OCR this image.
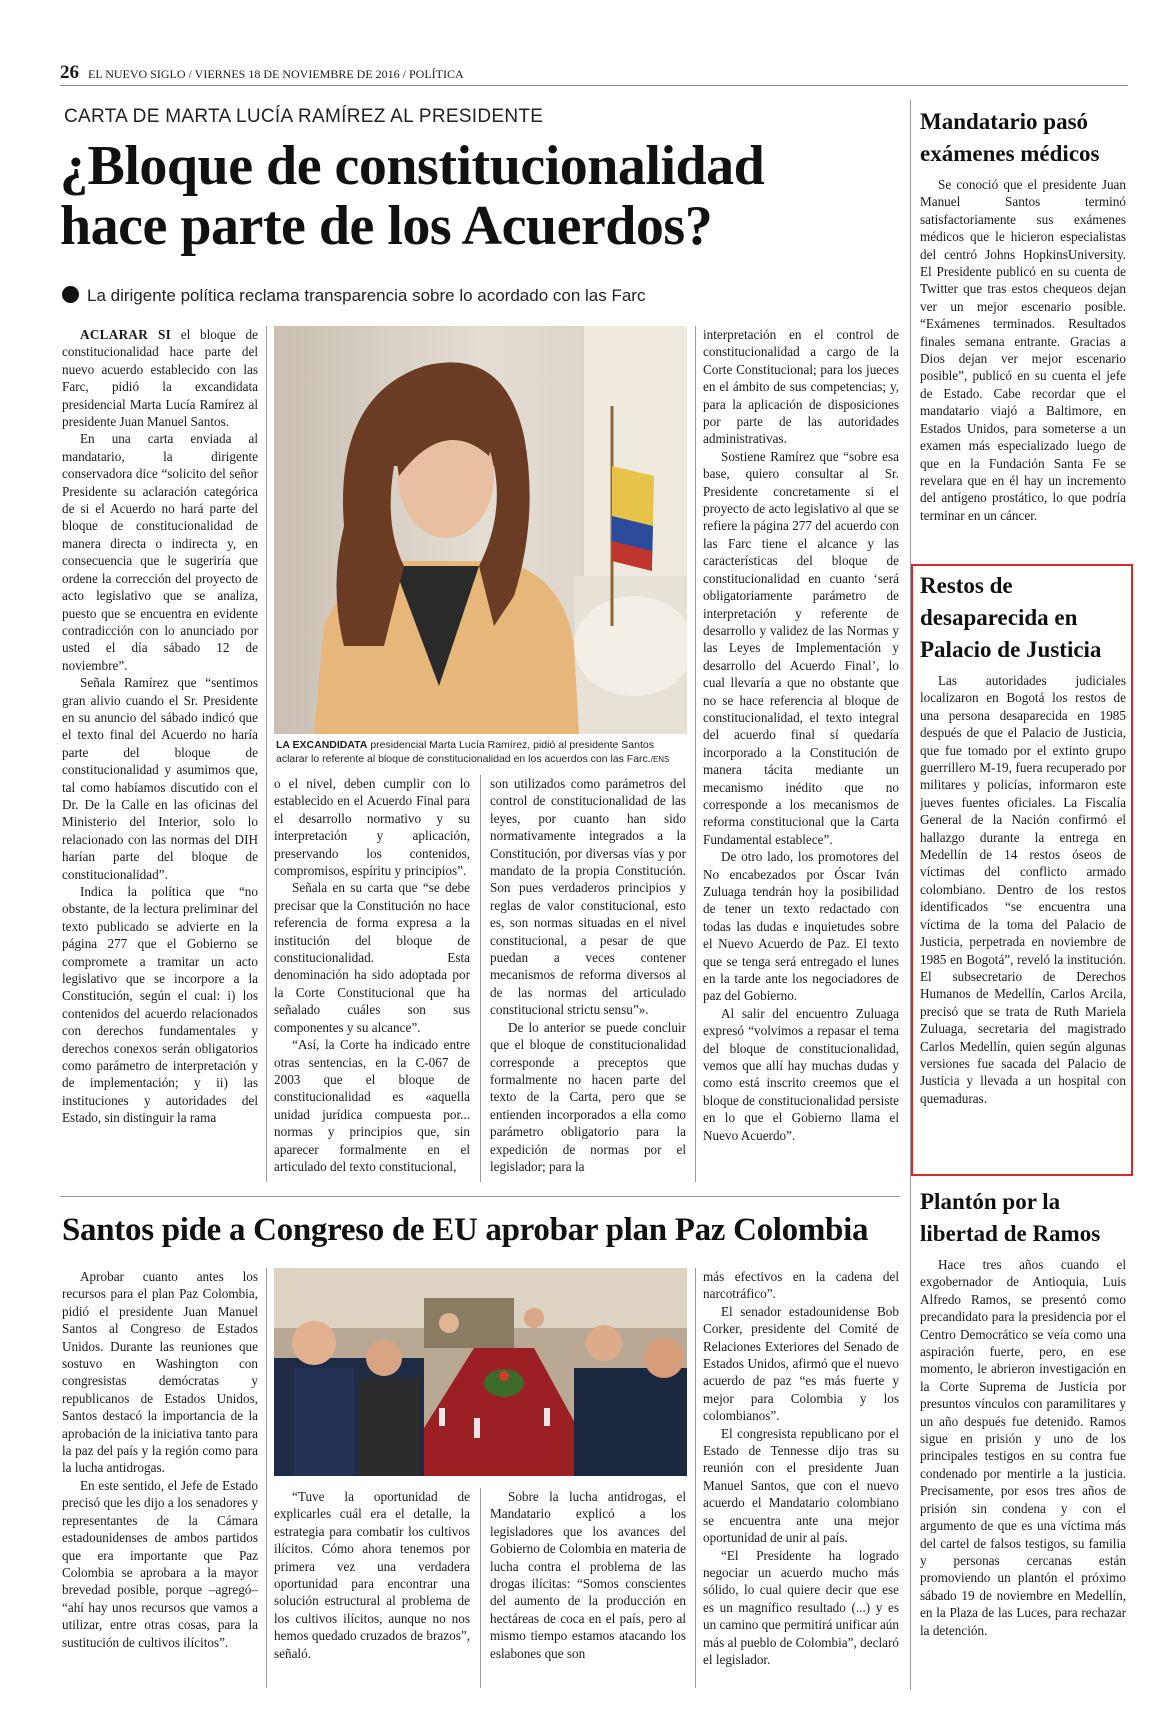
26 EL NUEVO SIGLO / VIERNES 18 DE NOVIEMBRE DE 2016 / POLÍTICA
CARTA DE MARTA LUCÍA RAMÍREZ AL PRESIDENTE
¿Bloque de constitucionalidad
hace parte de los Acuerdos?
La dirigente política reclama transparencia sobre lo acordado con las Farc

ACLARAR SI el bloque de constitucionalidad hace parte del nuevo acuerdo establecido con las Farc, pidió la excandidata presidencial Marta Lucía Ramírez al presidente Juan Manuel Santos.

En una carta enviada al mandatario, la dirigente conservadora dice “solicito del señor Presidente su aclaración categórica de si el Acuerdo no hará parte del bloque de constitucionalidad de manera directa o indirecta y, en consecuencia que le sugeriría que ordene la corrección del proyecto de acto legislativo que se analiza, puesto que se encuentra en evidente contradicción con lo anunciado por usted el día sábado 12 de noviembre”.

Señala Ramírez que “sentimos gran alivio cuando el Sr. Presidente en su anuncio del sábado indicó que el texto final del Acuerdo no haría parte del bloque de constitucionalidad y asumimos que, tal como habíamos discutido con el Dr. De la Calle en las oficinas del Ministerio del Interior, solo lo relacionado con las normas del DIH harían parte del bloque de constitucionalidad”.

Indica la política que “no obstante, de la lectura preliminar del texto publicado se advierte en la página 277 que el Gobierno se compromete a tramitar un acto legislativo que se incorpore a la Constitución, según el cual: i) los contenidos del acuerdo relacionados con derechos fundamentales y derechos conexos serán obligatorios como parámetro de interpretación y de implementación; y ii) las instituciones y autoridades del Estado, sin distinguir la rama

LA EXCANDIDATA presidencial Marta Lucía Ramírez, pidió al presidente Santos aclarar lo referente al bloque de constitucionalidad en los acuerdos con las Farc./ENS

o el nivel, deben cumplir con lo establecido en el Acuerdo Final para el desarrollo normativo y su interpretación y aplicación, preservando los contenidos, compromisos, espíritu y principios”.

Señala en su carta que “se debe precisar que la Constitución no hace referencia de forma expresa a la institución del bloque de constitucionalidad. Esta denominación ha sido adoptada por la Corte Constitucional que ha señalado cuáles son sus componentes y su alcance”.

“Así, la Corte ha indicado entre otras sentencias, en la C-067 de 2003 que el bloque de constitucionalidad es «aquella unidad jurídica compuesta por... normas y principios que, sin aparecer formalmente en el articulado del texto constitucional,

son utilizados como parámetros del control de constitucionalidad de las leyes, por cuanto han sido normativamente integrados a la Constitución, por diversas vías y por mandato de la propia Constitución. Son pues verdaderos principios y reglas de valor constitucional, esto es, son normas situadas en el nivel constitucional, a pesar de que puedan a veces contener mecanismos de reforma diversos al de las normas del articulado constitucional strictu sensu”».

De lo anterior se puede concluir que el bloque de constitucionalidad corresponde a preceptos que formalmente no hacen parte del texto de la Carta, pero que se entienden incorporados a ella como parámetro obligatorio para la expedición de normas por el legislador; para la

interpretación en el control de constitucionalidad a cargo de la Corte Constitucional; para los jueces en el ámbito de sus competencias; y, para la aplicación de disposiciones por parte de las autoridades administrativas.

Sostiene Ramírez que “sobre esa base, quiero consultar al Sr. Presidente concretamente si el proyecto de acto legislativo al que se refiere la página 277 del acuerdo con las Farc tiene el alcance y las características del bloque de constitucionalidad en cuanto ‘será obligatoriamente parámetro de interpretación y referente de desarrollo y validez de las Normas y las Leyes de Implementación y desarrollo del Acuerdo Final’, lo cual llevaría a que no obstante que no se hace referencia al bloque de constitucionalidad, el texto integral del acuerdo final sí quedaría incorporado a la Constitución de manera tácita mediante un mecanismo inédito que no corresponde a los mecanismos de reforma constitucional que la Carta Fundamental establece”.

De otro lado, los promotores del No encabezados por Óscar Iván Zuluaga tendrán hoy la posibilidad de tener un texto redactado con todas las dudas e inquietudes sobre el Nuevo Acuerdo de Paz. El texto que se tenga será entregado el lunes en la tarde ante los negociadores de paz del Gobierno.

Al salir del encuentro Zuluaga expresó “volvimos a repasar el tema del bloque de constitucionalidad, vemos que allí hay muchas dudas y como está inscrito creemos que el bloque de constitucionalidad persiste en lo que el Gobierno llama el Nuevo Acuerdo”.

Santos pide a Congreso de EU aprobar plan Paz Colombia

Aprobar cuanto antes los recursos para el plan Paz Colombia, pidió el presidente Juan Manuel Santos al Congreso de Estados Unidos. Durante las reuniones que sostuvo en Washington con congresistas demócratas y republicanos de Estados Unidos, Santos destacó la importancia de la aprobación de la iniciativa tanto para la paz del país y la región como para la lucha antidrogas.

En este sentido, el Jefe de Estado precisó que les dijo a los senadores y representantes de la Cámara estadounidenses de ambos partidos que era importante que Paz Colombia se aprobara a la mayor brevedad posible, porque –agregó– “ahí hay unos recursos que vamos a utilizar, entre otras cosas, para la sustitución de cultivos ilícitos”.

“Tuve la oportunidad de explicarles cuál era el detalle, la estrategia para combatir los cultivos ilícitos. Cómo ahora tenemos por primera vez una verdadera oportunidad para encontrar una solución estructural al problema de los cultivos ilícitos, aunque no nos hemos quedado cruzados de brazos”, señaló.

Sobre la lucha antidrogas, el Mandatario explicó a los legisladores que los avances del Gobierno de Colombia en materia de lucha contra el problema de las drogas ilícitas: “Somos conscientes del aumento de la producción en hectáreas de coca en el país, pero al mismo tiempo estamos atacando los eslabones que son

más efectivos en la cadena del narcotráfico”.

El senador estadounidense Bob Corker, presidente del Comité de Relaciones Exteriores del Senado de Estados Unidos, afirmó que el nuevo acuerdo de paz “es más fuerte y mejor para Colombia y los colombianos”.

El congresista republicano por el Estado de Tennesse dijo tras su reunión con el presidente Juan Manuel Santos, que con el nuevo acuerdo el Mandatario colombiano se encuentra ante una mejor oportunidad de unir al país.

“El Presidente ha logrado negociar un acuerdo mucho más sólido, lo cual quiere decir que ese es un magnífico resultado (...) y es un camino que permitirá unificar aún más al pueblo de Colombia”, declaró el legislador.

Mandatario pasó exámenes médicos

Se conoció que el presidente Juan Manuel Santos terminó satisfactoriamente sus exámenes médicos que le hicieron especialistas del centró Johns HopkinsUniversity. El Presidente publicó en su cuenta de Twitter que tras estos chequeos dejan ver un mejor escenario posible. “Exámenes terminados. Resultados finales semana entrante. Gracias a Dios dejan ver mejor escenario posible”, publicó en su cuenta el jefe de Estado. Cabe recordar que el mandatario viajó a Baltimore, en Estados Unidos, para someterse a un examen más especializado luego de que en la Fundación Santa Fe se revelara que en él hay un incremento del antígeno prostático, lo que podría terminar en un cáncer.

Restos de desaparecida en Palacio de Justicia

Las autoridades judiciales localizaron en Bogotá los restos de una persona desaparecida en 1985 después de que el Palacio de Justicia, que fue tomado por el extinto grupo guerrillero M-19, fuera recuperado por militares y policías, informaron este jueves fuentes oficiales. La Fiscalía General de la Nación confirmó el hallazgo durante la entrega en Medellín de 14 restos óseos de víctimas del conflicto armado colombiano. Dentro de los restos identificados “se encuentra una víctima de la toma del Palacio de Justicia, perpetrada en noviembre de 1985 en Bogotá”, reveló la institución. El subsecretario de Derechos Humanos de Medellín, Carlos Arcila, precisó que se trata de Ruth Mariela Zuluaga, secretaria del magistrado Carlos Medellín, quien según algunas versiones fue sacada del Palacio de Justicia y llevada a un hospital con quemaduras.

Plantón por la libertad de Ramos

Hace tres años cuando el exgobernador de Antioquia, Luis Alfredo Ramos, se presentó como precandidato para la presidencia por el Centro Democrático se veía como una aspiración fuerte, pero, en ese momento, le abrieron investigación en la Corte Suprema de Justicia por presuntos vínculos con paramilitares y un año después fue detenido. Ramos sigue en prisión y uno de los principales testigos en su contra fue condenado por mentirle a la justicia. Precisamente, por esos tres años de prisión sin condena y con el argumento de que es una víctima más del cartel de falsos testigos, su familia y personas cercanas están promoviendo un plantón el próximo sábado 19 de noviembre en Medellín, en la Plaza de las Luces, para rechazar la detención.
